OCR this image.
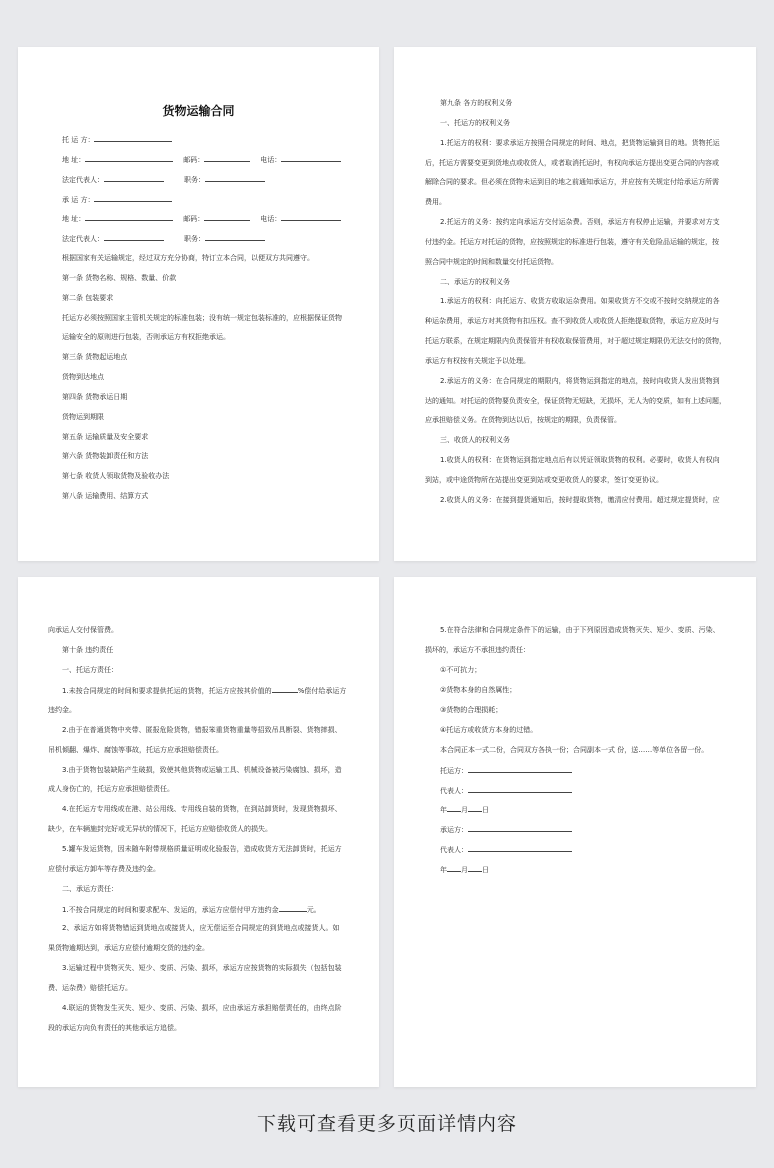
货物运输合同
托 运 方：
地 址：	邮码：	电话：
法定代表人：	职务：
承 运 方：
地 址：	邮码：	电话：
法定代表人：	职务：
根据国家有关运输规定，经过双方充分协商，特订立本合同，以便双方共同遵守。
第一条 货物名称、规格、数量、价款
第二条 包装要求
托运方必须按照国家主管机关规定的标准包装；没有统一规定包装标准的，应根据保证货物
运输安全的原则进行包装，否则承运方有权拒绝承运。
第三条 货物起运地点
货物到达地点
第四条 货物承运日期
货物运到期限
第五条 运输质量及安全要求
第六条 货物装卸责任和方法
第七条 收货人领取货物及验收办法
第八条 运输费用、结算方式
第九条 各方的权利义务
一、托运方的权利义务
1.托运方的权利：要求承运方按照合同规定的时间、地点，把货物运输到目的地。货物托运
后，托运方需要变更到货地点或收货人，或者取消托运时，有权向承运方提出变更合同的内容或
解除合同的要求。但必须在货物未运到目的地之前通知承运方，并应按有关规定付给承运方所需
费用。
2.托运方的义务：按约定向承运方交付运杂费。否则，承运方有权停止运输，并要求对方支
付违约金。托运方对托运的货物，应按照规定的标准进行包装，遵守有关危险品运输的规定，按
照合同中规定的时间和数量交付托运货物。
二、承运方的权利义务
1.承运方的权利：向托运方、收货方收取运杂费用。如果收货方不交或不按时交纳规定的各
种运杂费用，承运方对其货物有扣压权。查不到收货人或收货人拒绝提取货物，承运方应及时与
托运方联系，在规定期限内负责保管并有权收取保管费用，对于超过规定期限仍无法交付的货物，
承运方有权按有关规定予以处理。
2.承运方的义务：在合同规定的期限内，将货物运到指定的地点，按时向收货人发出货物到
达的通知。对托运的货物要负责安全，保证货物无短缺，无损坏，无人为的变质，如有上述问题，
应承担赔偿义务。在货物到达以后，按规定的期限，负责保管。
三、收货人的权利义务
1.收货人的权利：在货物运到指定地点后有以凭证领取货物的权利。必要时，收货人有权向
到站，或中途货物所在站提出变更到站或变更收货人的要求，签订变更协议。
2.收货人的义务：在接到提货通知后，按时提取货物，缴清应付费用。超过规定提货时，应
向承运人交付保管费。
第十条 违约责任
一、托运方责任：
1.未按合同规定的时间和要求提供托运的货物，托运方应按其价值的	%偿付给承运方
违约金。
2.由于在普通货物中夹带、匿报危险货物，错报笨重货物重量等招致吊具断裂、货物摔损、
吊机倾翻、爆炸、腐蚀等事故，托运方应承担赔偿责任。
3.由于货物包装缺陷产生破损，致使其他货物或运输工具、机械设备被污染腐蚀、损坏，造
成人身伤亡的，托运方应承担赔偿责任。
4.在托运方专用线或在港、站公用线、专用线自装的货物，在到站卸货时，发现货物损坏、
缺少，在车辆施封完好或无异状的情况下，托运方应赔偿收货人的损失。
5.罐车发运货物，因未随车附带规格质量证明或化验报告，造成收货方无法卸货时，托运方
应偿付承运方卸车等存费及违约金。
二、承运方责任：
1.不按合同规定的时间和要求配车、发运的，承运方应偿付甲方违约金	元。
2、承运方如将货物错运到货地点或接货人，应无偿运至合同规定的到货地点或接货人。如
果货物逾期达到，承运方应偿付逾期交货的违约金。
3.运输过程中货物灭失、短少、变质、污染、损坏，承运方应按货物的实际损失（包括包装
费、运杂费）赔偿托运方。
4.联运的货物发生灭失、短少、变质、污染、损坏，应由承运方承担赔偿责任的，由终点阶
段的承运方向负有责任的其他承运方追偿。
5.在符合法律和合同规定条件下的运输，由于下列原因造成货物灭失、短少、变质、污染、
损坏的，承运方不承担违约责任：
①不可抗力；
②货物本身的自然属性；
③货物的合理损耗；
④托运方或收货方本身的过错。
本合同正本一式二份，合同双方各执一份；合同副本一式 份，送……等单位各留一份。
托运方：
代表人：
年 月 日
承运方：
代表人：
年 月 日
下载可查看更多页面详情内容
